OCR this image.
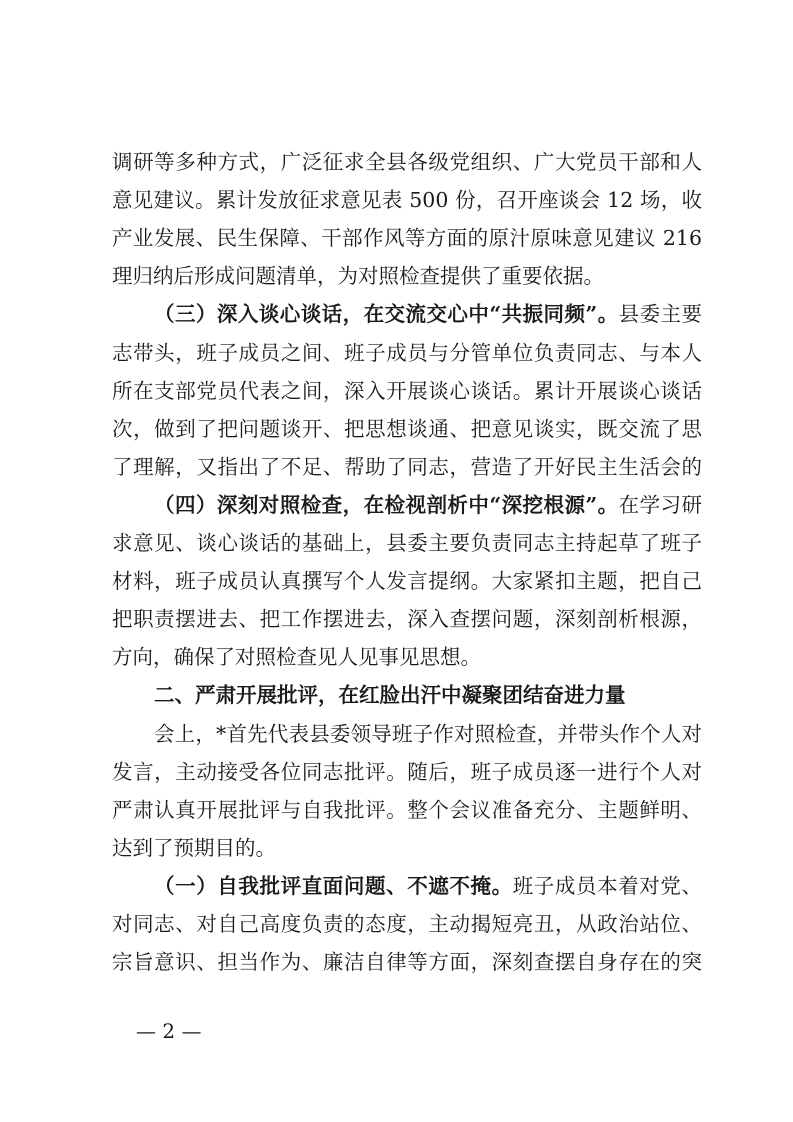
调研等多种方式，广泛征求全县各级党组织、广大党员干部和人
意见建议。累计发放征求意见表 500 份，召开座谈会 12 场，收
产业发展、民生保障、干部作风等方面的原汁原味意见建议 216
理归纳后形成问题清单，为对照检查提供了重要依据。
（三）深入谈心谈话，在交流交心中“共振同频”。县委主要
志带头，班子成员之间、班子成员与分管单位负责同志、与本人
所在支部党员代表之间，深入开展谈心谈话。累计开展谈心谈话
次，做到了把问题谈开、把思想谈通、把意见谈实，既交流了思
了理解，又指出了不足、帮助了同志，营造了开好民主生活会的
（四）深刻对照检查，在检视剖析中“深挖根源”。在学习研
求意见、谈心谈话的基础上，县委主要负责同志主持起草了班子
材料，班子成员认真撰写个人发言提纲。大家紧扣主题，把自己
把职责摆进去、把工作摆进去，深入查摆问题，深刻剖析根源，
方向，确保了对照检查见人见事见思想。
二、严肃开展批评，在红脸出汗中凝聚团结奋进力量
会上，*首先代表县委领导班子作对照检查，并带头作个人对
发言，主动接受各位同志批评。随后，班子成员逐一进行个人对
严肃认真开展批评与自我批评。整个会议准备充分、主题鲜明、
达到了预期目的。
（一）自我批评直面问题、不遮不掩。班子成员本着对党、
对同志、对自己高度负责的态度，主动揭短亮丑，从政治站位、
宗旨意识、担当作为、廉洁自律等方面，深刻查摆自身存在的突
— 2 —
